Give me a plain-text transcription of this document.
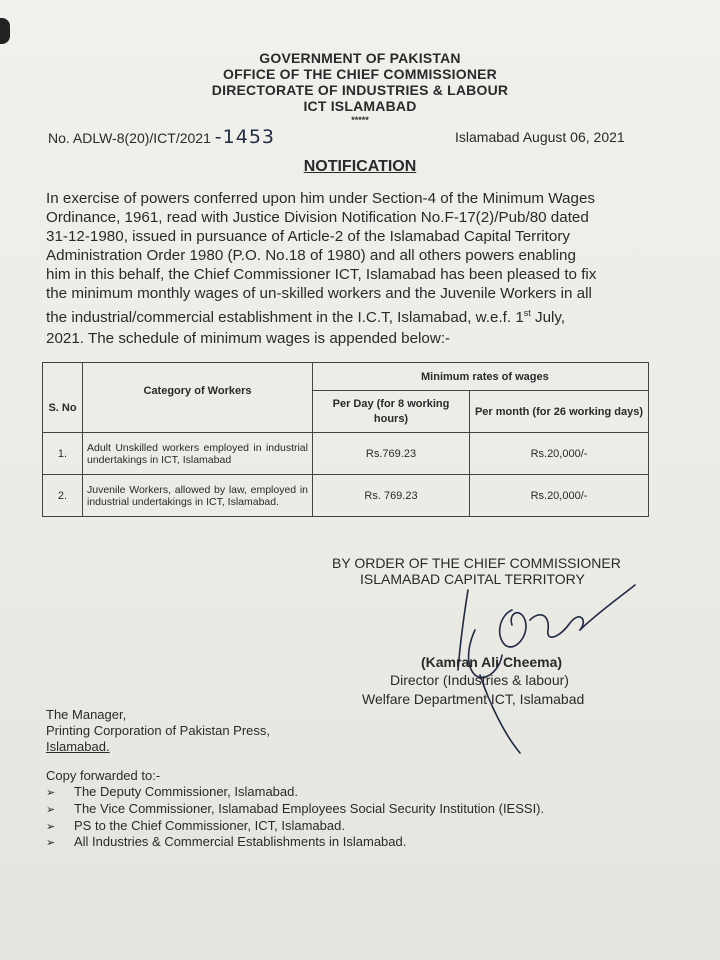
GOVERNMENT OF PAKISTAN
OFFICE OF THE CHIEF COMMISSIONER
DIRECTORATE OF INDUSTRIES & LABOUR
ICT ISLAMABAD
*****
No. ADLW-8(20)/ICT/2021 -1453	Islamabad August 06, 2021
NOTIFICATION
In exercise of powers conferred upon him under Section-4 of the Minimum Wages
Ordinance, 1961, read with Justice Division Notification No.F-17(2)/Pub/80 dated
31-12-1980, issued in pursuance of Article-2 of the Islamabad Capital Territory
Administration Order 1980 (P.O. No.18 of 1980) and all others powers enabling
him in this behalf, the Chief Commissioner ICT, Islamabad has been pleased to fix
the minimum monthly wages of un-skilled workers and the Juvenile Workers in all
the industrial/commercial establishment in the I.C.T, Islamabad, w.e.f. 1st July,
2021. The schedule of minimum wages is appended below:-
S. No	Category of Workers	Minimum rates of wages	
		Per Day (for 8 working hours)	Per month (for 26 working days)
1.	Adult Unskilled workers employed in industrial undertakings in ICT, Islamabad	Rs.769.23	Rs.20,000/-
2.	Juvenile Workers, allowed by law, employed in industrial undertakings in ICT, Islamabad.	Rs. 769.23	Rs.20,000/-
BY ORDER OF THE CHIEF COMMISSIONER
ISLAMABAD CAPITAL TERRITORY
(Kamran Ali Cheema)
Director (Industries & labour)
Welfare Department ICT, Islamabad
The Manager,
Printing Corporation of Pakistan Press,
Islamabad.
Copy forwarded to:-
➢ The Deputy Commissioner, Islamabad.
➢ The Vice Commissioner, Islamabad Employees Social Security Institution (IESSI).
➢ PS to the Chief Commissioner, ICT, Islamabad.
➢ All Industries & Commercial Establishments in Islamabad.
